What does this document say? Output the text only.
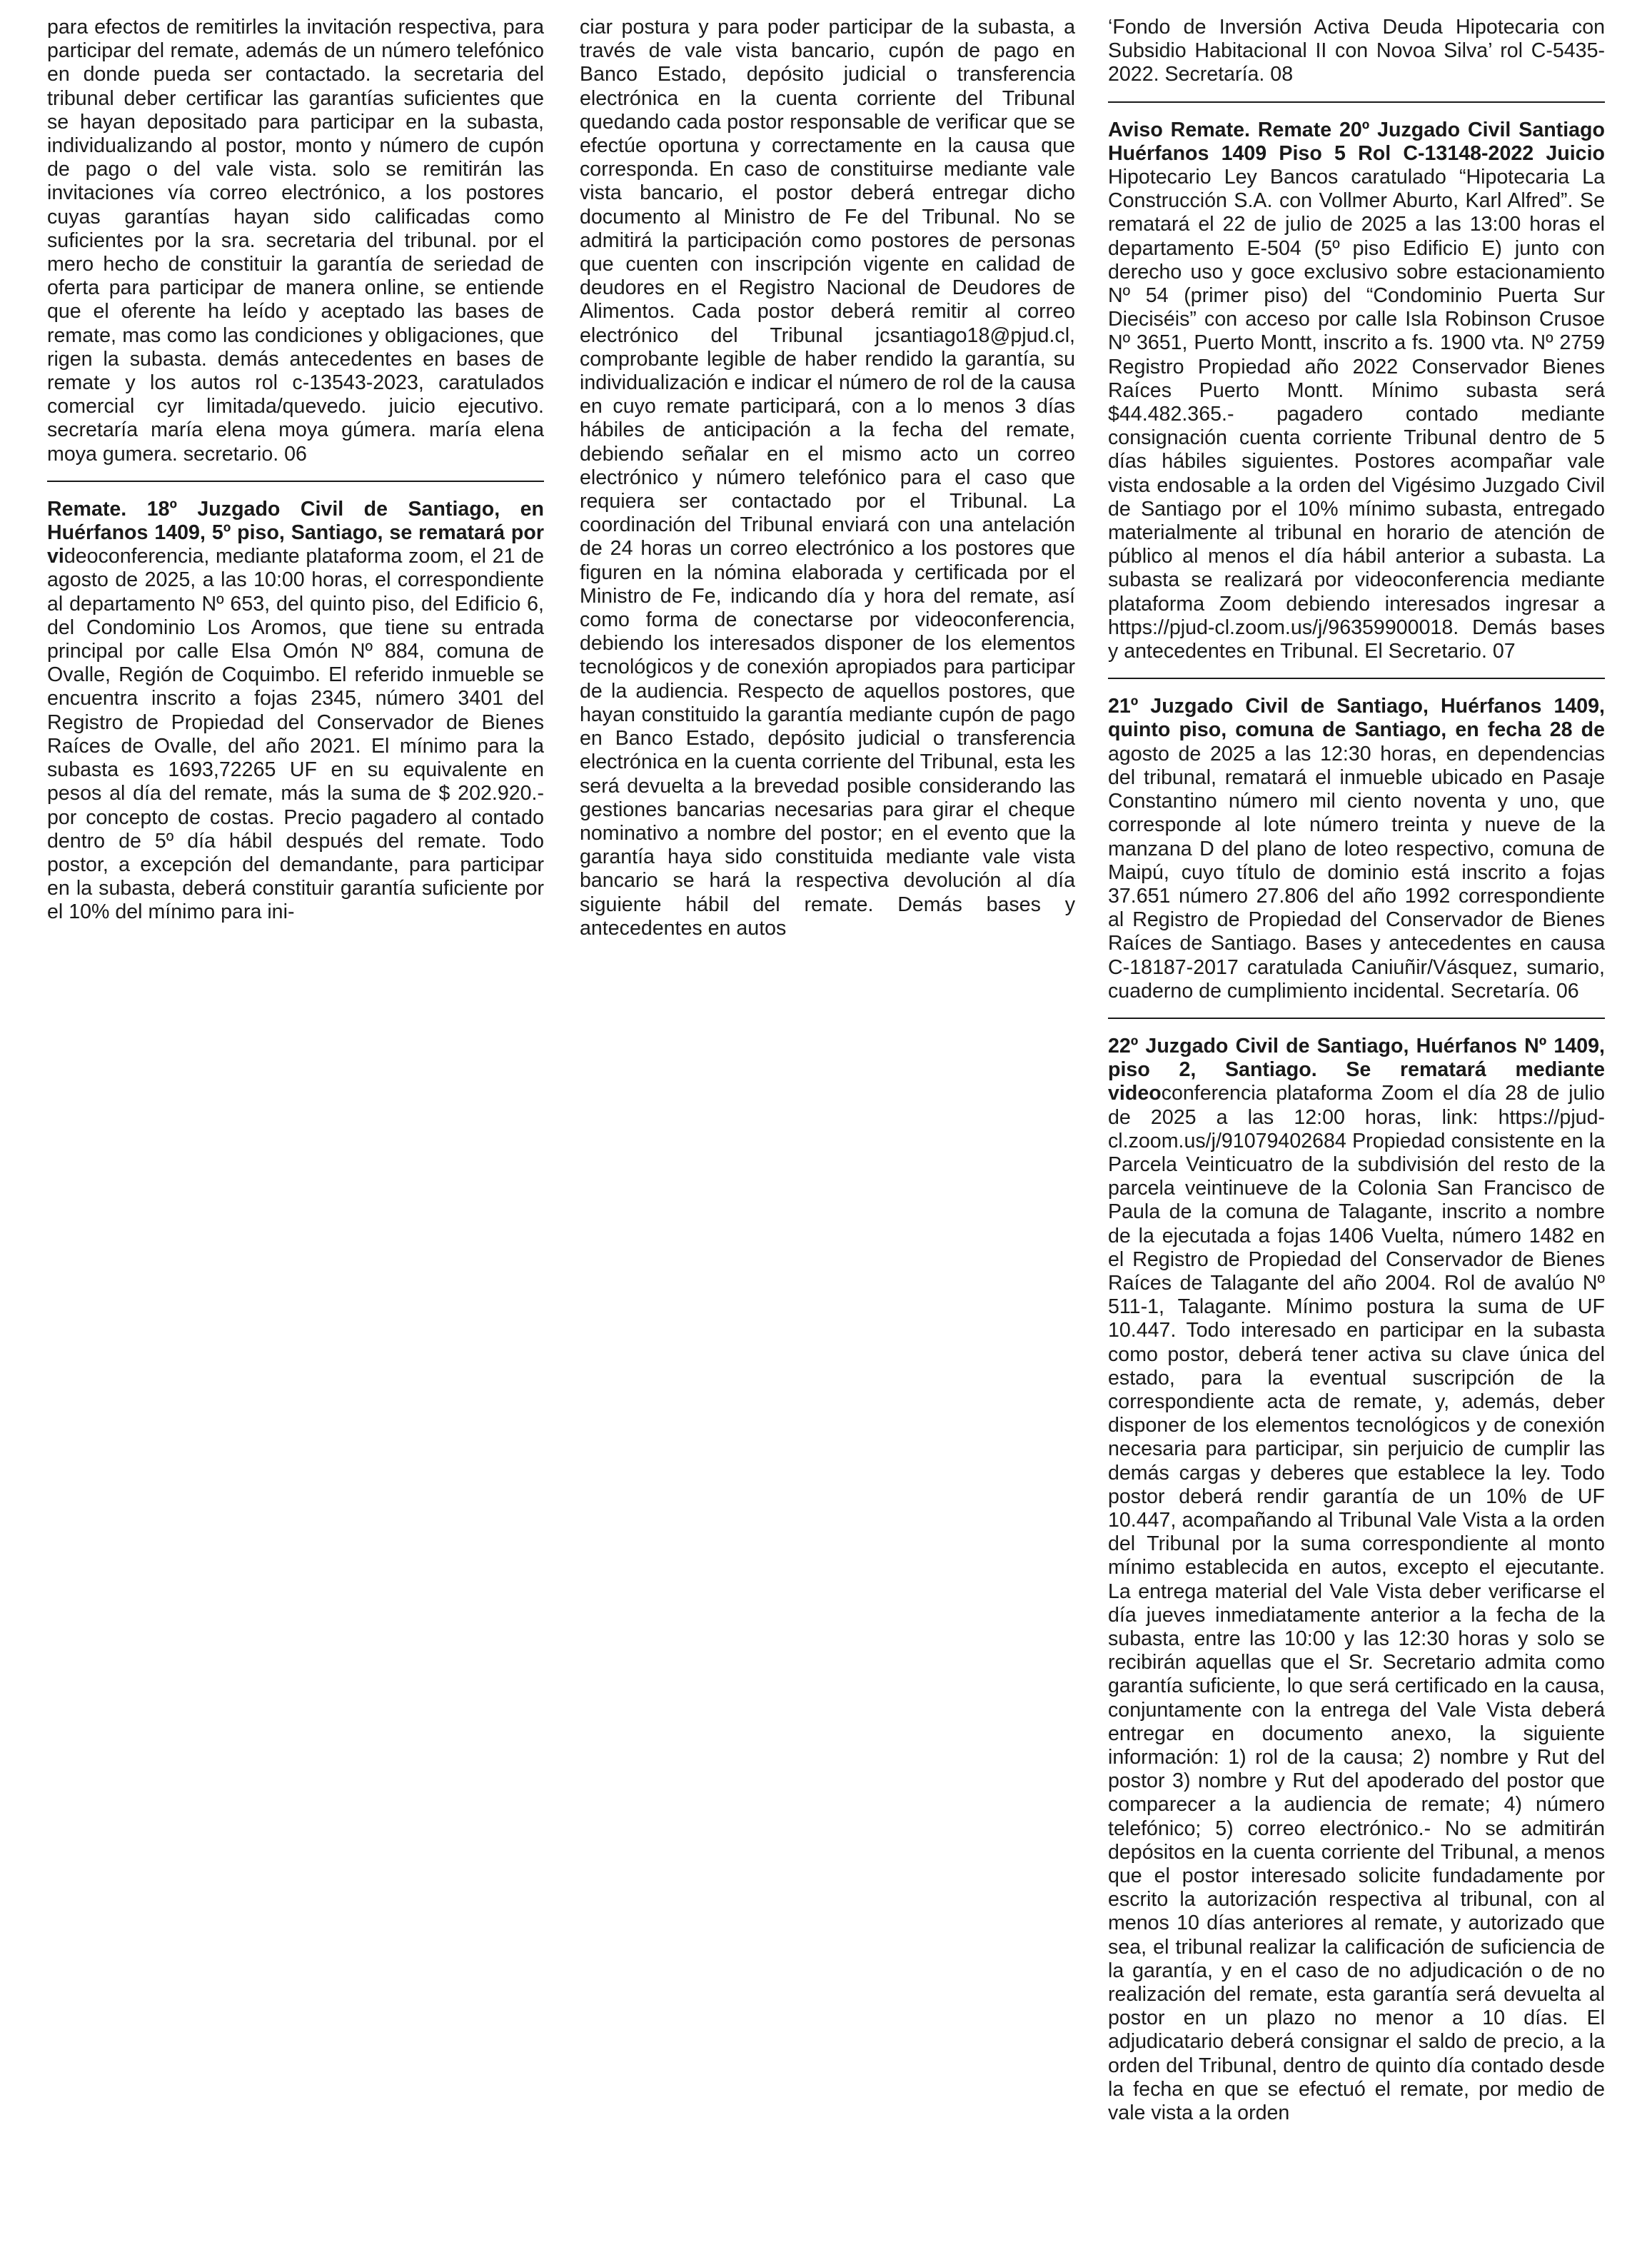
para efectos de remitirles la invitación respectiva, para participar del remate, además de un número telefónico en donde pueda ser contactado. la secretaria del tribunal deber certificar las garantías suficientes que se hayan depositado para participar en la subasta, individualizando al postor, monto y número de cupón de pago o del vale vista. solo se remitirán las invitaciones vía correo electrónico, a los postores cuyas garantías hayan sido calificadas como suficientes por la sra. secretaria del tribunal. por el mero hecho de constituir la garantía de seriedad de oferta para participar de manera online, se entiende que el oferente ha leído y aceptado las bases de remate, mas como las condiciones y obligaciones, que rigen la subasta. demás antecedentes en bases de remate y los autos rol c-13543-2023, caratulados comercial cyr limitada/quevedo. juicio ejecutivo. secretaría maría elena moya gúmera. maría elena moya gumera. secretario. 06

Remate. 18º Juzgado Civil de Santiago, en Huérfanos 1409, 5º piso, Santiago, se rematará por videoconferencia, mediante plataforma zoom, el 21 de agosto de 2025, a las 10:00 horas, el correspondiente al departamento Nº 653, del quinto piso, del Edificio 6, del Condominio Los Aromos, que tiene su entrada principal por calle Elsa Omón Nº 884, comuna de Ovalle, Región de Coquimbo. El referido inmueble se encuentra inscrito a fojas 2345, número 3401 del Registro de Propiedad del Conservador de Bienes Raíces de Ovalle, del año 2021. El mínimo para la subasta es 1693,72265 UF en su equivalente en pesos al día del remate, más la suma de $ 202.920.- por concepto de costas. Precio pagadero al contado dentro de 5º día hábil después del remate. Todo postor, a excepción del demandante, para participar en la subasta, deberá constituir garantía suficiente por el 10% del mínimo para ini-

ciar postura y para poder participar de la subasta, a través de vale vista bancario, cupón de pago en Banco Estado, depósito judicial o transferencia electrónica en la cuenta corriente del Tribunal quedando cada postor responsable de verificar que se efectúe oportuna y correctamente en la causa que corresponda. En caso de constituirse mediante vale vista bancario, el postor deberá entregar dicho documento al Ministro de Fe del Tribunal. No se admitirá la participación como postores de personas que cuenten con inscripción vigente en calidad de deudores en el Registro Nacional de Deudores de Alimentos. Cada postor deberá remitir al correo electrónico del Tribunal jcsantiago18@pjud.cl, comprobante legible de haber rendido la garantía, su individualización e indicar el número de rol de la causa en cuyo remate participará, con a lo menos 3 días hábiles de anticipación a la fecha del remate, debiendo señalar en el mismo acto un correo electrónico y número telefónico para el caso que requiera ser contactado por el Tribunal. La coordinación del Tribunal enviará con una antelación de 24 horas un correo electrónico a los postores que figuren en la nómina elaborada y certificada por el Ministro de Fe, indicando día y hora del remate, así como forma de conectarse por videoconferencia, debiendo los interesados disponer de los elementos tecnológicos y de conexión apropiados para participar de la audiencia. Respecto de aquellos postores, que hayan constituido la garantía mediante cupón de pago en Banco Estado, depósito judicial o transferencia electrónica en la cuenta corriente del Tribunal, esta les será devuelta a la brevedad posible considerando las gestiones bancarias necesarias para girar el cheque nominativo a nombre del postor; en el evento que la garantía haya sido constituida mediante vale vista bancario se hará la respectiva devolución al día siguiente hábil del remate. Demás bases y antecedentes en autos

‘Fondo de Inversión Activa Deuda Hipotecaria con Subsidio Habitacional II con Novoa Silva’ rol C-5435-2022. Secretaría. 08

Aviso Remate. Remate 20º Juzgado Civil Santiago Huérfanos 1409 Piso 5 Rol C-13148-2022 Juicio Hipotecario Ley Bancos caratulado “Hipotecaria La Construcción S.A. con Vollmer Aburto, Karl Alfred”. Se rematará el 22 de julio de 2025 a las 13:00 horas el departamento E-504 (5º piso Edificio E) junto con derecho uso y goce exclusivo sobre estacionamiento Nº 54 (primer piso) del “Condominio Puerta Sur Dieciséis” con acceso por calle Isla Robinson Crusoe Nº 3651, Puerto Montt, inscrito a fs. 1900 vta. Nº 2759 Registro Propiedad año 2022 Conservador Bienes Raíces Puerto Montt. Mínimo subasta será $44.482.365.- pagadero contado mediante consignación cuenta corriente Tribunal dentro de 5 días hábiles siguientes. Postores acompañar vale vista endosable a la orden del Vigésimo Juzgado Civil de Santiago por el 10% mínimo subasta, entregado materialmente al tribunal en horario de atención de público al menos el día hábil anterior a subasta. La subasta se realizará por videoconferencia mediante plataforma Zoom debiendo interesados ingresar a https://pjud-cl.zoom.us/j/96359900018. Demás bases y antecedentes en Tribunal. El Secretario. 07

21º Juzgado Civil de Santiago, Huérfanos 1409, quinto piso, comuna de Santiago, en fecha 28 de agosto de 2025 a las 12:30 horas, en dependencias del tribunal, rematará el inmueble ubicado en Pasaje Constantino número mil ciento noventa y uno, que corresponde al lote número treinta y nueve de la manzana D del plano de loteo respectivo, comuna de Maipú, cuyo título de dominio está inscrito a fojas 37.651 número 27.806 del año 1992 correspondiente al Registro de Propiedad del Conservador de Bienes Raíces de Santiago. Bases y antecedentes en causa C-18187-2017 caratulada Caniuñir/Vásquez, sumario, cuaderno de cumplimiento incidental. Secretaría. 06

22º Juzgado Civil de Santiago, Huérfanos Nº 1409, piso 2, Santiago. Se rematará mediante videoconferencia plataforma Zoom el día 28 de julio de 2025 a las 12:00 horas, link: https://pjud-cl.zoom.us/j/91079402684 Propiedad consistente en la Parcela Veinticuatro de la subdivisión del resto de la parcela veintinueve de la Colonia San Francisco de Paula de la comuna de Talagante, inscrito a nombre de la ejecutada a fojas 1406 Vuelta, número 1482 en el Registro de Propiedad del Conservador de Bienes Raíces de Talagante del año 2004. Rol de avalúo Nº 511-1, Talagante. Mínimo postura la suma de UF 10.447. Todo interesado en participar en la subasta como postor, deberá tener activa su clave única del estado, para la eventual suscripción de la correspondiente acta de remate, y, además, deber disponer de los elementos tecnológicos y de conexión necesaria para participar, sin perjuicio de cumplir las demás cargas y deberes que establece la ley. Todo postor deberá rendir garantía de un 10% de UF 10.447, acompañando al Tribunal Vale Vista a la orden del Tribunal por la suma correspondiente al monto mínimo establecida en autos, excepto el ejecutante. La entrega material del Vale Vista deber verificarse el día jueves inmediatamente anterior a la fecha de la subasta, entre las 10:00 y las 12:30 horas y solo se recibirán aquellas que el Sr. Secretario admita como garantía suficiente, lo que será certificado en la causa, conjuntamente con la entrega del Vale Vista deberá entregar en documento anexo, la siguiente información: 1) rol de la causa; 2) nombre y Rut del postor 3) nombre y Rut del apoderado del postor que comparecer a la audiencia de remate; 4) número telefónico; 5) correo electrónico.- No se admitirán depósitos en la cuenta corriente del Tribunal, a menos que el postor interesado solicite fundadamente por escrito la autorización respectiva al tribunal, con al menos 10 días anteriores al remate, y autorizado que sea, el tribunal realizar la calificación de suficiencia de la garantía, y en el caso de no adjudicación o de no realización del remate, esta garantía será devuelta al postor en un plazo no menor a 10 días. El adjudicatario deberá consignar el saldo de precio, a la orden del Tribunal, dentro de quinto día contado desde la fecha en que se efectuó el remate, por medio de vale vista a la orden
